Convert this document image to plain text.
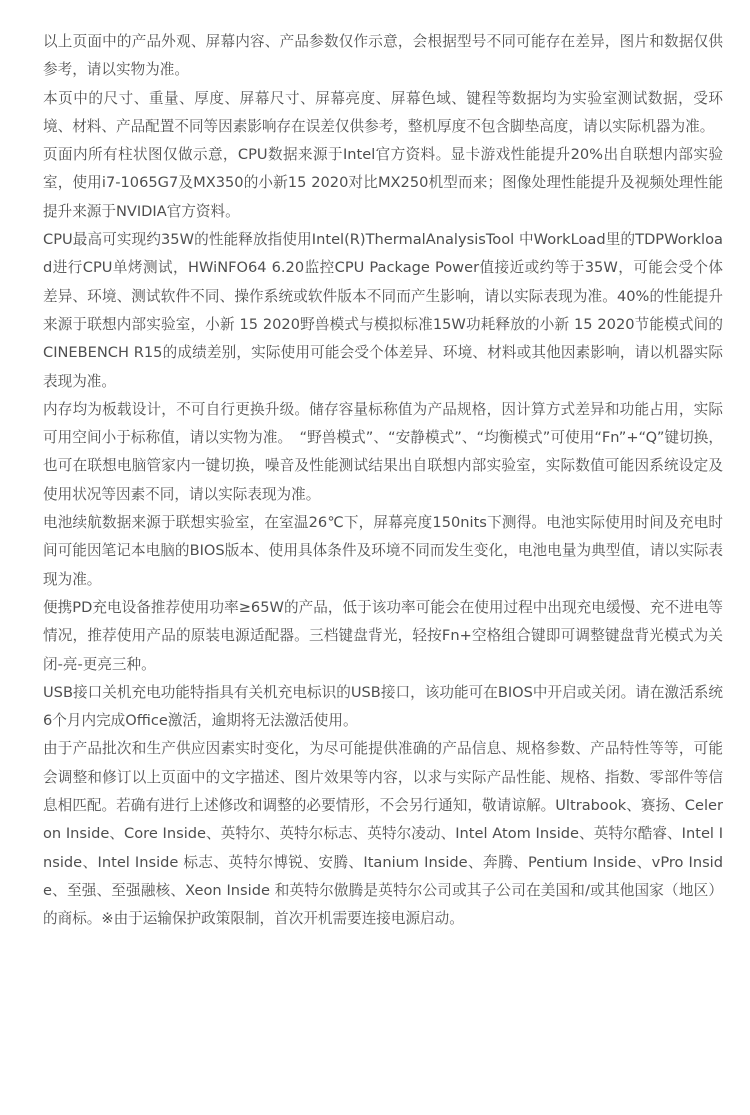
以上页面中的产品外观、屏幕内容、产品参数仅作示意，会根据型号不同可能存在差异，图片和数据仅供参考，请以实物为准。

本页中的尺寸、重量、厚度、屏幕尺寸、屏幕亮度、屏幕色域、键程等数据均为实验室测试数据，受环境、材料、产品配置不同等因素影响存在误差仅供参考，整机厚度不包含脚垫高度，请以实际机器为准。

页面内所有柱状图仅做示意，CPU数据来源于Intel官方资料。显卡游戏性能提升20%出自联想内部实验室，使用i7-1065G7及MX350的小新15 2020对比MX250机型而来；图像处理性能提升及视频处理性能提升来源于NVIDIA官方资料。

CPU最高可实现约35W的性能释放指使用Intel(R)ThermalAnalysisTool 中WorkLoad里的TDPWorkload进行CPU单烤测试，HWiNFO64 6.20监控CPU Package Power值接近或约等于35W，可能会受个体差异、环境、测试软件不同、操作系统或软件版本不同而产生影响，请以实际表现为准。40%的性能提升来源于联想内部实验室，小新 15 2020野兽模式与模拟标准15W功耗释放的小新 15 2020节能模式间的 CINEBENCH R15的成绩差别，实际使用可能会受个体差异、环境、材料或其他因素影响，请以机器实际表现为准。

内存均为板载设计，不可自行更换升级。储存容量标称值为产品规格，因计算方式差异和功能占用，实际可用空间小于标称值，请以实物为准。　“野兽模式”、“安静模式”、“均衡模式”可使用“Fn”+“Q”键切换，也可在联想电脑管家内一键切换，噪音及性能测试结果出自联想内部实验室，实际数值可能因系统设定及使用状况等因素不同，请以实际表现为准。

电池续航数据来源于联想实验室，在室温26℃下，屏幕亮度150nits下测得。电池实际使用时间及充电时间可能因笔记本电脑的BIOS版本、使用具体条件及环境不同而发生变化，电池电量为典型值，请以实际表现为准。

便携PD充电设备推荐使用功率≥65W的产品，低于该功率可能会在使用过程中出现充电缓慢、充不进电等情况，推荐使用产品的原装电源适配器。三档键盘背光，轻按Fn+空格组合键即可调整键盘背光模式为关闭-亮-更亮三种。

USB接口关机充电功能特指具有关机充电标识的USB接口，该功能可在BIOS中开启或关闭。请在激活系统6个月内完成Office激活，逾期将无法激活使用。

由于产品批次和生产供应因素实时变化，为尽可能提供准确的产品信息、规格参数、产品特性等等，可能会调整和修订以上页面中的文字描述、图片效果等内容，以求与实际产品性能、规格、指数、零部件等信息相匹配。若确有进行上述修改和调整的必要情形，不会另行通知，敬请谅解。Ultrabook、赛扬、Celeron Inside、Core Inside、英特尔、英特尔标志、英特尔凌动、Intel Atom Inside、英特尔酷睿、Intel Inside、Intel Inside 标志、英特尔博锐、安腾、Itanium Inside、奔腾、Pentium Inside、vPro Inside、至强、至强融核、Xeon Inside 和英特尔傲腾是英特尔公司或其子公司在美国和/或其他国家（地区）的商标。※由于运输保护政策限制，首次开机需要连接电源启动。
